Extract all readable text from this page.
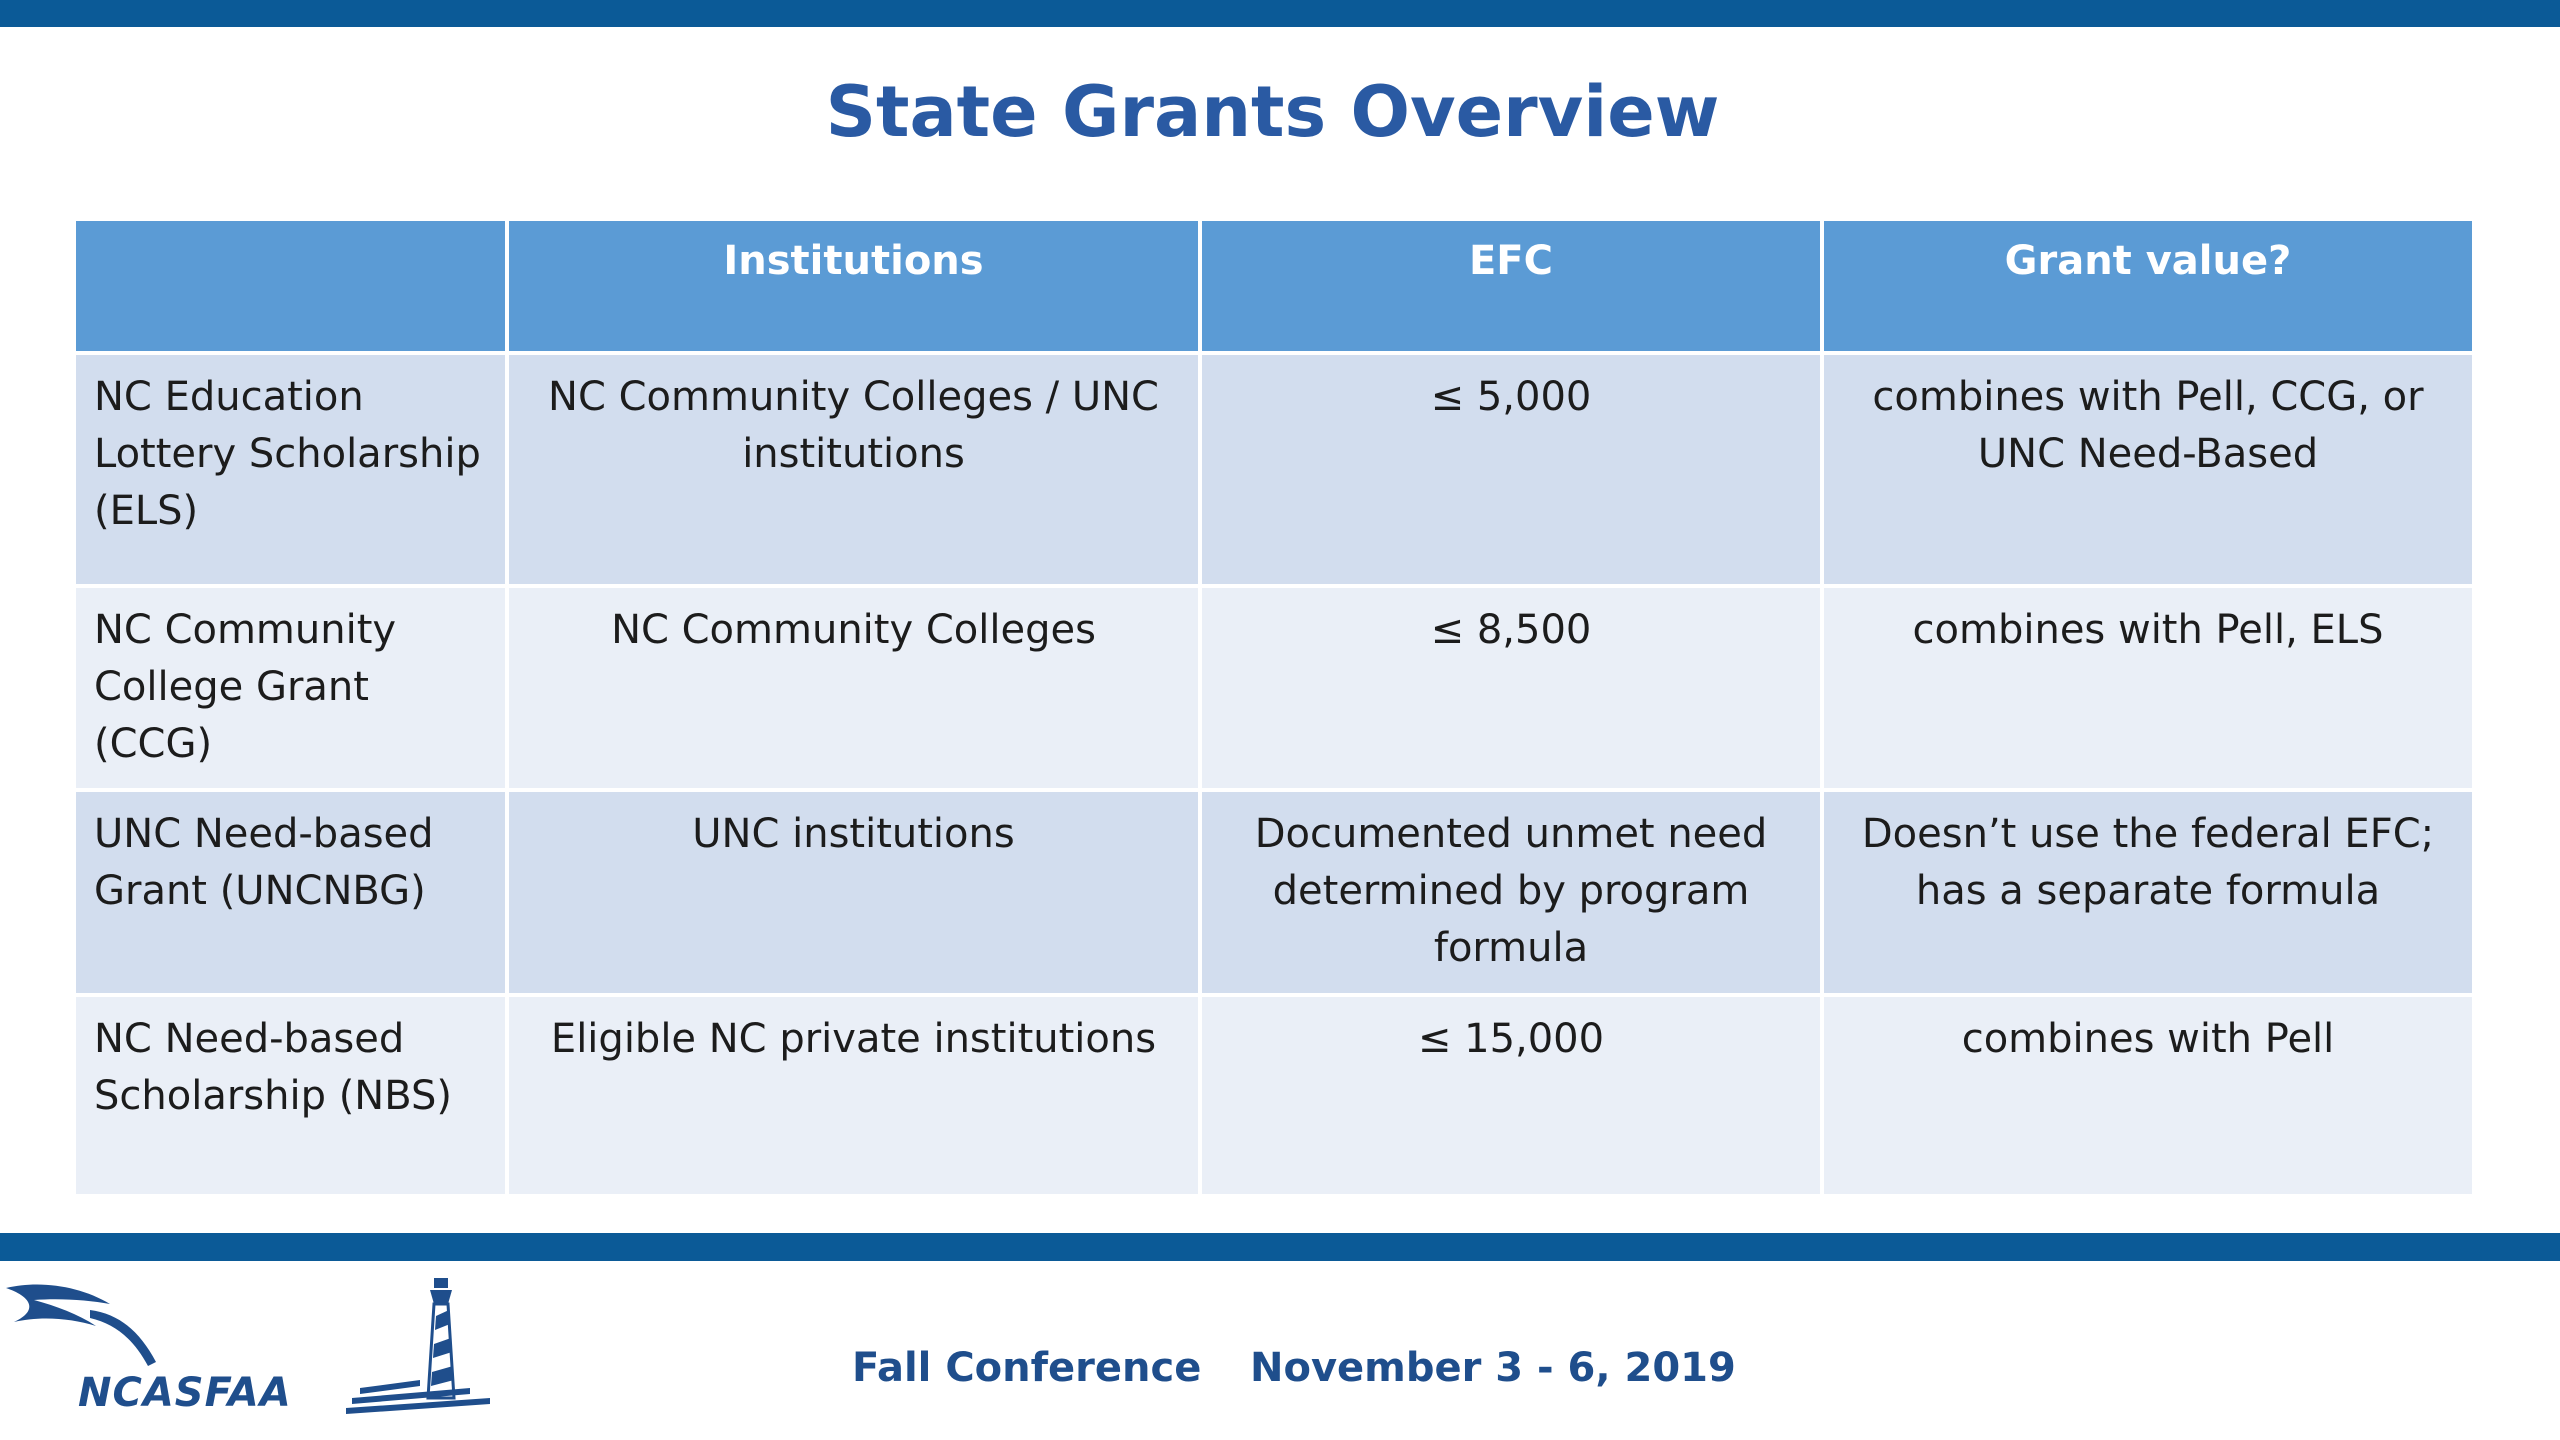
State Grants Overview
	Institutions	EFC	Grant value?
NC Education Lottery Scholarship (ELS)	NC Community Colleges / UNC institutions	≤ 5,000	combines with Pell, CCG, or UNC Need-Based
NC Community College Grant (CCG)	NC Community Colleges	≤ 8,500	combines with Pell, ELS
UNC Need-based Grant (UNCNBG)	UNC institutions	Documented unmet need determined by program formula	Doesn’t use the federal EFC; has a separate formula
NC Need-based Scholarship (NBS)	Eligible NC private institutions	≤ 15,000	combines with Pell
NCASFAA
Fall Conference November 3 - 6, 2019
